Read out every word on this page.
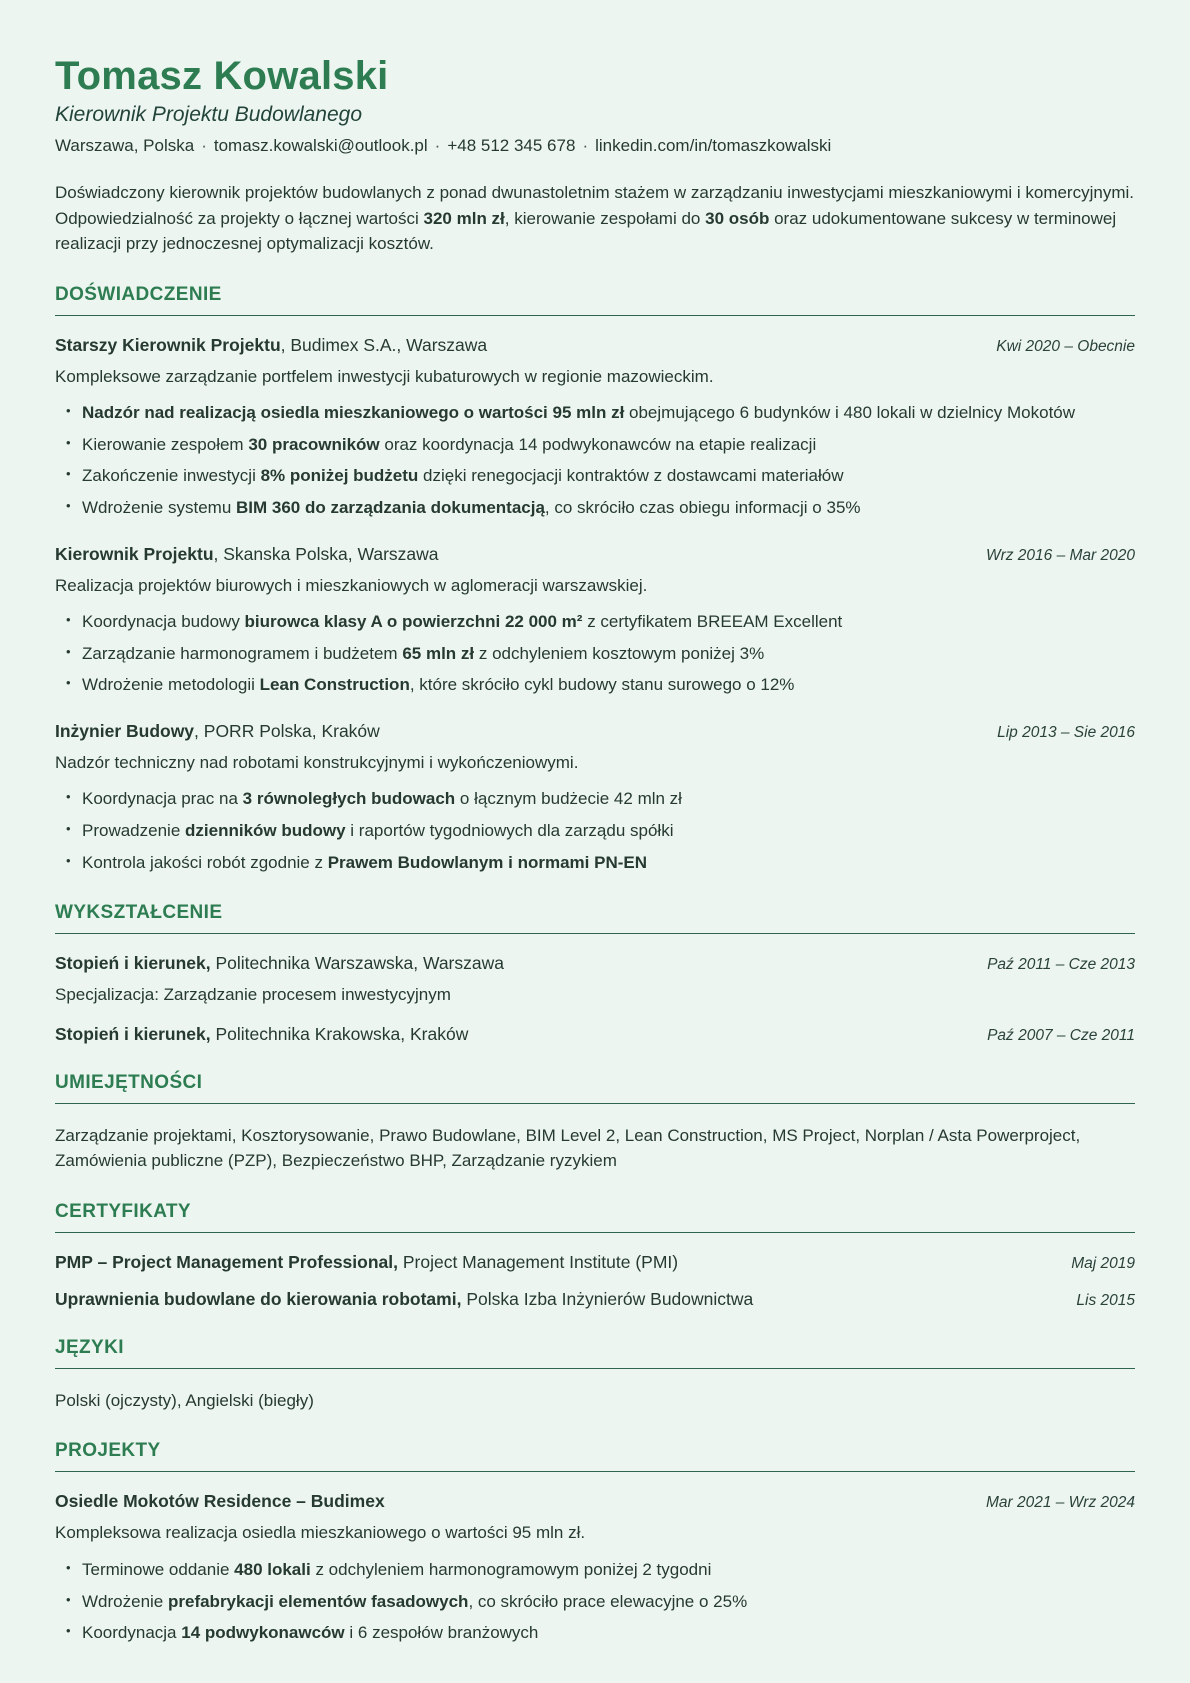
Tomasz Kowalski

Kierownik Projektu Budowlanego

Warszawa, Polska · tomasz.kowalski@outlook.pl · +48 512 345 678 · linkedin.com/in/tomaszkowalski

Doświadczony kierownik projektów budowlanych z ponad dwunastoletnim stażem w zarządzaniu inwestycjami mieszkaniowymi i komercyjnymi. Odpowiedzialność za projekty o łącznej wartości 320 mln zł, kierowanie zespołami do 30 osób oraz udokumentowane sukcesy w terminowej realizacji przy jednoczesnej optymalizacji kosztów.

DOŚWIADCZENIE
Starszy Kierownik Projektu, Budimex S.A., Warszawa	Kwi 2020 – Obecnie

Kompleksowe zarządzanie portfelem inwestycji kubaturowych w regionie mazowieckim.

• Nadzór nad realizacją osiedla mieszkaniowego o wartości 95 mln zł obejmującego 6 budynków i 480 lokali w dzielnicy Mokotów
• Kierowanie zespołem 30 pracowników oraz koordynacja 14 podwykonawców na etapie realizacji
• Zakończenie inwestycji 8% poniżej budżetu dzięki renegocjacji kontraktów z dostawcami materiałów
• Wdrożenie systemu BIM 360 do zarządzania dokumentacją, co skróciło czas obiegu informacji o 35%
Kierownik Projektu, Skanska Polska, Warszawa	Wrz 2016 – Mar 2020

Realizacja projektów biurowych i mieszkaniowych w aglomeracji warszawskiej.

• Koordynacja budowy biurowca klasy A o powierzchni 22 000 m² z certyfikatem BREEAM Excellent
• Zarządzanie harmonogramem i budżetem 65 mln zł z odchyleniem kosztowym poniżej 3%
• Wdrożenie metodologii Lean Construction, które skróciło cykl budowy stanu surowego o 12%
Inżynier Budowy, PORR Polska, Kraków	Lip 2013 – Sie 2016

Nadzór techniczny nad robotami konstrukcyjnymi i wykończeniowymi.

• Koordynacja prac na 3 równoległych budowach o łącznym budżecie 42 mln zł
• Prowadzenie dzienników budowy i raportów tygodniowych dla zarządu spółki
• Kontrola jakości robót zgodnie z Prawem Budowlanym i normami PN-EN
WYKSZTAŁCENIE
Stopień i kierunek, Politechnika Warszawska, Warszawa	Paź 2011 – Cze 2013

Specjalizacja: Zarządzanie procesem inwestycyjnym

Stopień i kierunek, Politechnika Krakowska, Kraków	Paź 2007 – Cze 2011
UMIEJĘTNOŚCI

Zarządzanie projektami, Kosztorysowanie, Prawo Budowlane, BIM Level 2, Lean Construction, MS Project, Norplan / Asta Powerproject, Zamówienia publiczne (PZP), Bezpieczeństwo BHP, Zarządzanie ryzykiem

CERTYFIKATY
PMP – Project Management Professional, Project Management Institute (PMI)	Maj 2019
Uprawnienia budowlane do kierowania robotami, Polska Izba Inżynierów Budownictwa	Lis 2015
JĘZYKI

Polski (ojczysty), Angielski (biegły)

PROJEKTY
Osiedle Mokotów Residence – Budimex	Mar 2021 – Wrz 2024

Kompleksowa realizacja osiedla mieszkaniowego o wartości 95 mln zł.

• Terminowe oddanie 480 lokali z odchyleniem harmonogramowym poniżej 2 tygodni
• Wdrożenie prefabrykacji elementów fasadowych, co skróciło prace elewacyjne o 25%
• Koordynacja 14 podwykonawców i 6 zespołów branżowych
